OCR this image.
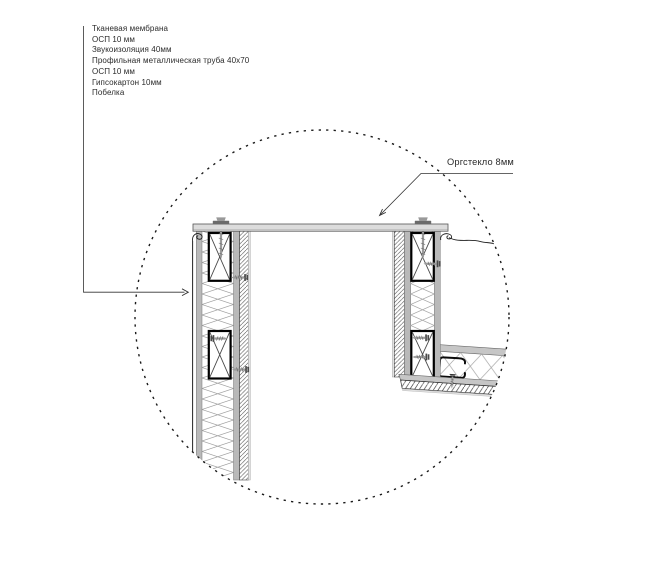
Тканевая мембрана
ОСП 10 мм
Звукоизоляция 40мм
Профильная металлическая труба 40x70
ОСП 10 мм
Гипсокартон 10мм
Побелка
Оргстекло 8мм
